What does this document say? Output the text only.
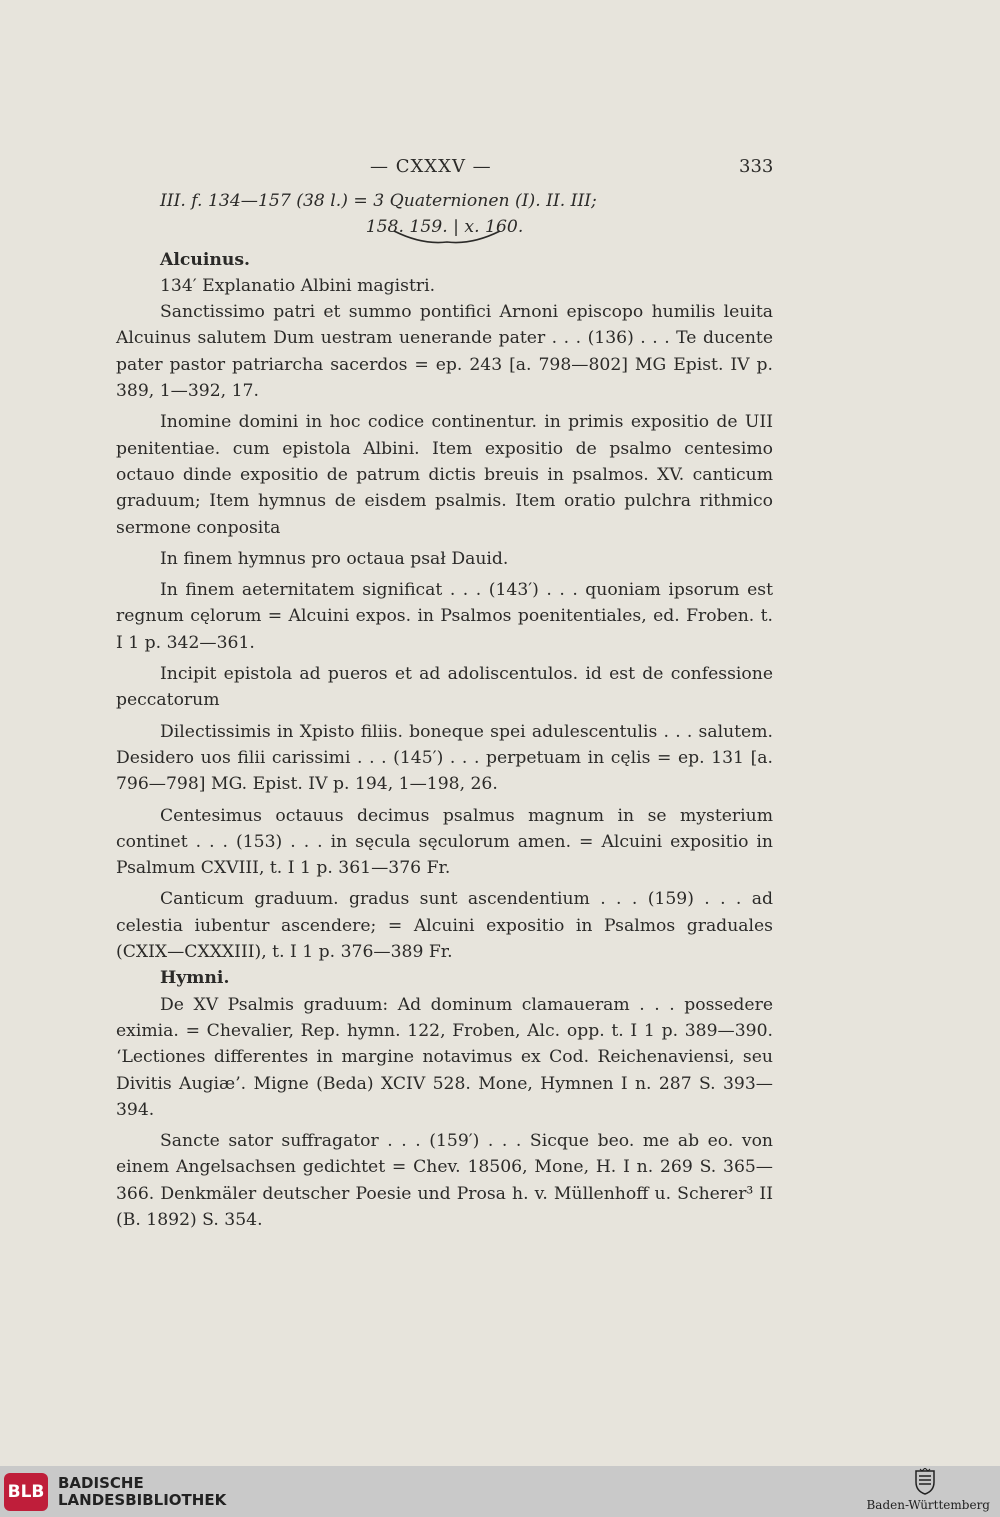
— CXXXV —	333

III. f. 134—157 (38 l.) = 3 Quaternionen (I). II. III;

158. 159. | x. 160.

Alcuinus.

134′ Explanatio Albini magistri.

Sanctissimo patri et summo pontifici Arnoni episcopo humilis leuita Alcuinus salutem Dum uestram uenerande pater . . . (136) . . . Te ducente pater pastor patriarcha sacerdos = ep. 243 [a. 798—802] MG Epist. IV p. 389, 1—392, 17.

Inomine domini in hoc codice continentur. in primis expositio de UII penitentiae. cum epistola Albini. Item expositio de psalmo centesimo octauo dinde expositio de patrum dictis breuis in psalmos. XV. canticum graduum; Item hymnus de eisdem psalmis. Item oratio pulchra rithmico sermone conposita

In finem hymnus pro octaua psał Dauid.

In finem aeternitatem significat . . . (143′) . . . quoniam ipsorum est regnum cęlorum = Alcuini expos. in Psalmos poenitentiales, ed. Froben. t. I 1 p. 342—361.

Incipit epistola ad pueros et ad adoliscentulos. id est de confessione peccatorum

Dilectissimis in Xpisto filiis. boneque spei adulescentulis . . . salutem. Desidero uos filii carissimi . . . (145′) . . . perpetuam in cęlis = ep. 131 [a. 796—798] MG. Epist. IV p. 194, 1—198, 26.

Centesimus octauus decimus psalmus magnum in se mysterium continet . . . (153) . . . in sęcula sęculorum amen. = Alcuini expositio in Psalmum CXVIII, t. I 1 p. 361—376 Fr.

Canticum graduum. gradus sunt ascendentium . . . (159) . . . ad celestia iubentur ascendere; = Alcuini expositio in Psalmos graduales (CXIX—CXXXIII), t. I 1 p. 376—389 Fr.

Hymni.

De XV Psalmis graduum: Ad dominum clamaueram . . . possedere eximia. = Chevalier, Rep. hymn. 122, Froben, Alc. opp. t. I 1 p. 389—390. ‘Lectiones differentes in margine notavimus ex Cod. Reichenaviensi, seu Divitis Augiæ’. Migne (Beda) XCIV 528. Mone, Hymnen I n. 287 S. 393—394.

Sancte sator suffragator . . . (159′) . . . Sicque beo. me ab eo. von einem Angelsachsen gedichtet = Chev. 18506, Mone, H. I n. 269 S. 365—366. Denkmäler deutscher Poesie und Prosa h. v. Müllenhoff u. Scherer³ II (B. 1892) S. 354.

BLB BADISCHE
LANDESBIBLIOTHEK	Baden-Württemberg
